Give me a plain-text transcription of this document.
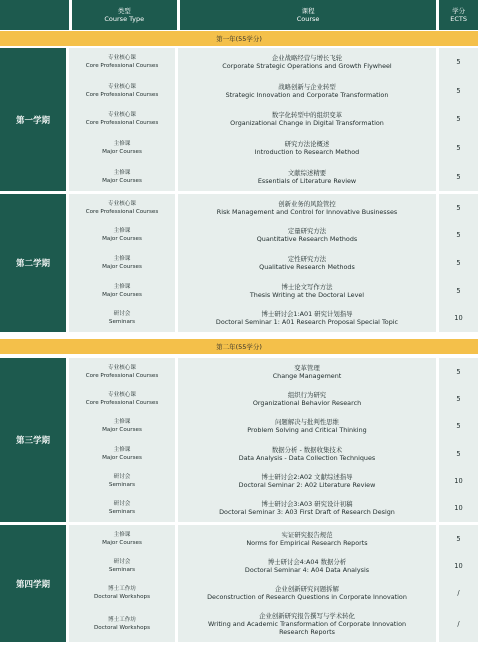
类型
Course Type
课程
Course
学分
ECTS
第一年(55学分)
第一学期
专业核心课
Core Professional Courses
企业战略经营与增长飞轮
Corporate Strategic Operations and Growth Flywheel	5
专业核心课
Core Professional Courses
战略创新与企业转型
Strategic Innovation and Corporate Transformation	5
专业核心课
Core Professional Courses
数字化转型中的组织变革
Organizational Change in Digital Transformation	5
主修课
Major Courses
研究方法论概述
Introduction to Research Method	5
主修课
Major Courses
文献综述精要
Essentials of Literature Review	5
第二学期
专业核心课
Core Professional Courses
创新业务的风险管控
Risk Management and Control for Innovative Businesses	5
主修课
Major Courses
定量研究方法
Quantitative Research Methods	5
主修课
Major Courses
定性研究方法
Qualitative Research Methods	5
主修课
Major Courses
博士论文写作方法
Thesis Writing at the Doctoral Level	5
研讨会
Seminars
博士研讨会1:A01 研究计划指导
Doctoral Seminar 1: A01 Research Proposal Special Topic	10
第二年(55学分)
第三学期
专业核心课
Core Professional Courses
变革管理
Change Management	5
专业核心课
Core Professional Courses
组织行为研究
Organizational Behavior Research	5
主修课
Major Courses
问题解决与批判性思维
Problem Solving and Critical Thinking	5
主修课
Major Courses
数据分析 - 数据收集技术
Data Analysis - Data Collection Techniques	5
研讨会
Seminars
博士研讨会2:A02 文献综述指导
Doctoral Seminar 2: A02 Literature Review	10
研讨会
Seminars
博士研讨会3:A03 研究设计初稿
Doctoral Seminar 3: A03 First Draft of Research Design	10
第四学期
主修课
Major Courses
实证研究报告规范
Norms for Empirical Research Reports	5
研讨会
Seminars
博士研讨会4:A04 数据分析
Doctoral Seminar 4: A04 Data Analysis	10
博士工作坊
Doctoral Workshops
企业创新研究问题拆解
Deconstruction of Research Questions in Corporate Innovation	/
博士工作坊
Doctoral Workshops
企业创新研究报告撰写与学术转化
Writing and Academic Transformation of Corporate Innovation
Research Reports
/
